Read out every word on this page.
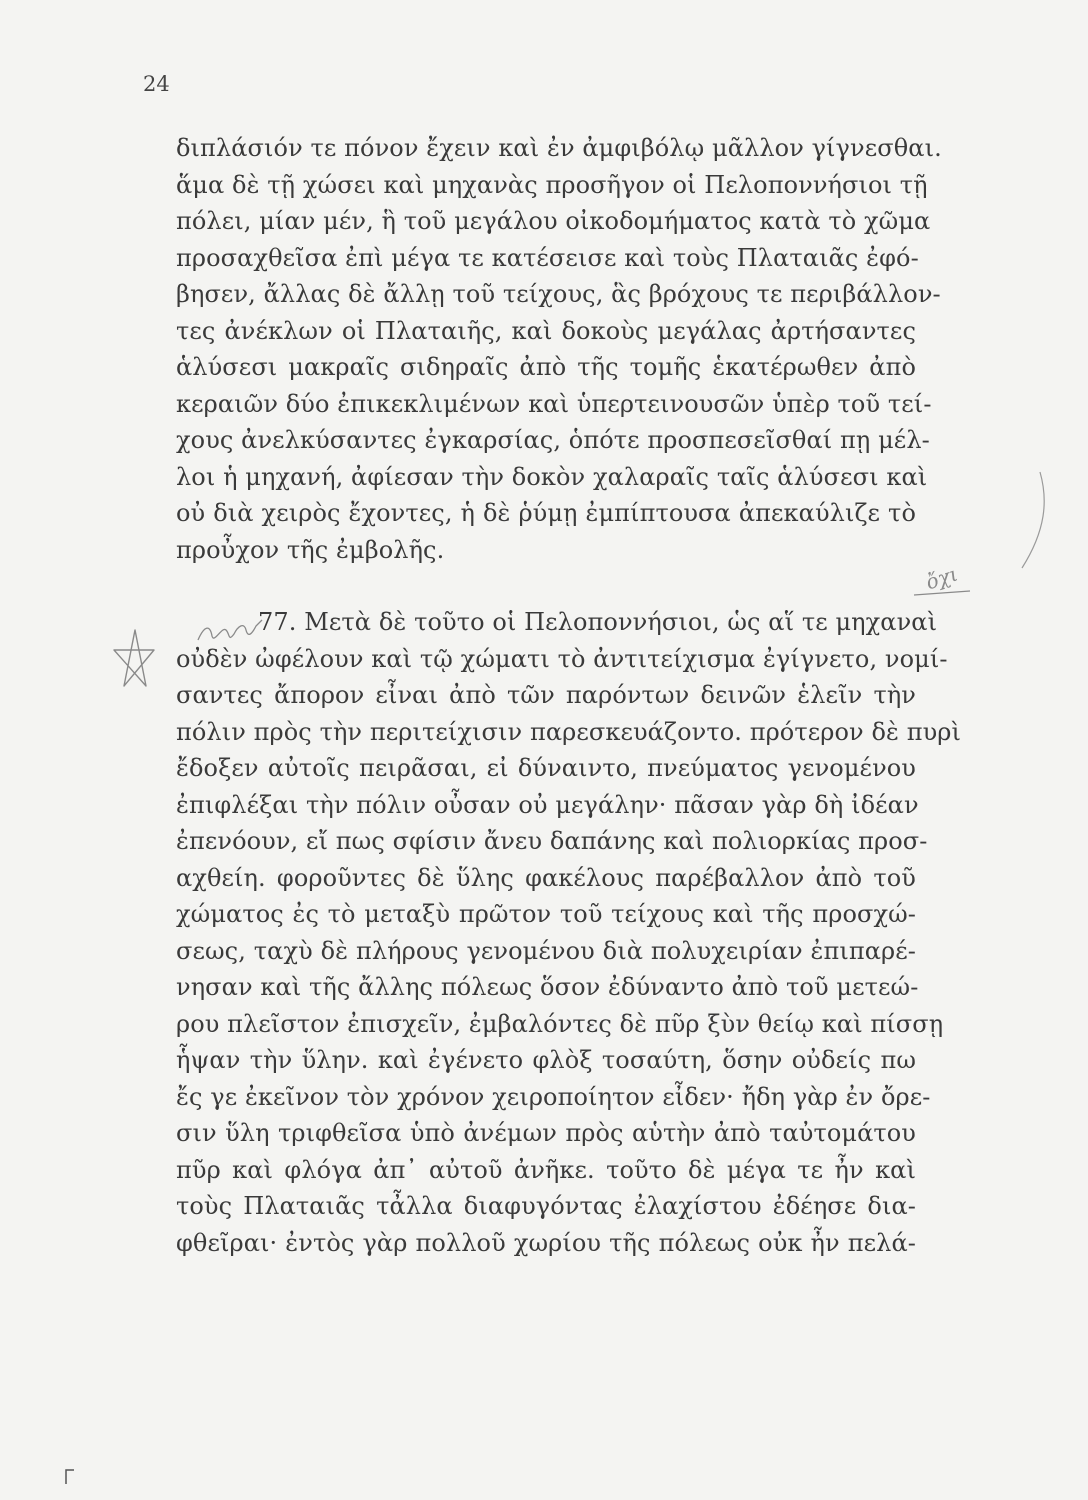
24
διπλάσιόν τε πόνον ἔχειν καὶ ἐν ἀμφιβόλῳ μᾶλλον γίγνεσθαι.
ἅμα δὲ τῇ χώσει καὶ μηχανὰς προσῆγον οἱ Πελοποννήσιοι τῇ
πόλει, μίαν μέν, ἣ τοῦ μεγάλου οἰκοδομήματος κατὰ τὸ χῶμα
προσαχθεῖσα ἐπὶ μέγα τε κατέσεισε καὶ τοὺς Πλαταιᾶς ἐφό-
βησεν, ἄλλας δὲ ἄλλῃ τοῦ τείχους, ἃς βρόχους τε περιβάλλον-
τες ἀνέκλων οἱ Πλαταιῆς, καὶ δοκοὺς μεγάλας ἀρτήσαντες
ἁλύσεσι μακραῖς σιδηραῖς ἀπὸ τῆς τομῆς ἑκατέρωθεν ἀπὸ
κεραιῶν δύο ἐπικεκλιμένων καὶ ὑπερτεινουσῶν ὑπὲρ τοῦ τεί-
χους ἀνελκύσαντες ἐγκαρσίας, ὁπότε προσπεσεῖσθαί πῃ μέλ-
λοι ἡ μηχανή, ἀφίεσαν τὴν δοκὸν χαλαραῖς ταῖς ἁλύσεσι καὶ
οὐ διὰ χειρὸς ἔχοντες, ἡ δὲ ῥύμῃ ἐμπίπτουσα ἀπεκαύλιζε τὸ
προὖχον τῆς ἐμβολῆς.
77. Μετὰ δὲ τοῦτο οἱ Πελοποννήσιοι, ὡς αἵ τε μηχαναὶ
οὐδὲν ὠφέλουν καὶ τῷ χώματι τὸ ἀντιτείχισμα ἐγίγνετο, νομί-
σαντες ἄπορον εἶναι ἀπὸ τῶν παρόντων δεινῶν ἑλεῖν τὴν
πόλιν πρὸς τὴν περιτείχισιν παρεσκευάζοντο. πρότερον δὲ πυρὶ
ἔδοξεν αὐτοῖς πειρᾶσαι, εἰ δύναιντο, πνεύματος γενομένου
ἐπιφλέξαι τὴν πόλιν οὖσαν οὐ μεγάλην· πᾶσαν γὰρ δὴ ἰδέαν
ἐπενόουν, εἴ πως σφίσιν ἄνευ δαπάνης καὶ πολιορκίας προσ-
αχθείη. φοροῦντες δὲ ὕλης φακέλους παρέβαλλον ἀπὸ τοῦ
χώματος ἐς τὸ μεταξὺ πρῶτον τοῦ τείχους καὶ τῆς προσχώ-
σεως, ταχὺ δὲ πλήρους γενομένου διὰ πολυχειρίαν ἐπιπαρέ-
νησαν καὶ τῆς ἄλλης πόλεως ὅσον ἐδύναντο ἀπὸ τοῦ μετεώ-
ρου πλεῖστον ἐπισχεῖν, ἐμβαλόντες δὲ πῦρ ξὺν θείῳ καὶ πίσσῃ
ἧψαν τὴν ὕλην. καὶ ἐγένετο φλὸξ τοσαύτη, ὅσην οὐδείς πω
ἔς γε ἐκεῖνον τὸν χρόνον χειροποίητον εἶδεν· ἤδη γὰρ ἐν ὄρε-
σιν ὕλη τριφθεῖσα ὑπὸ ἀνέμων πρὸς αὑτὴν ἀπὸ ταὐτομάτου
πῦρ καὶ φλόγα ἀπ᾽ αὐτοῦ ἀνῆκε. τοῦτο δὲ μέγα τε ἦν καὶ
τοὺς Πλαταιᾶς τἆλλα διαφυγόντας ἐλαχίστου ἐδέησε δια-
φθεῖραι· ἐντὸς γὰρ πολλοῦ χωρίου τῆς πόλεως οὐκ ἦν πελά-
ὄχι
